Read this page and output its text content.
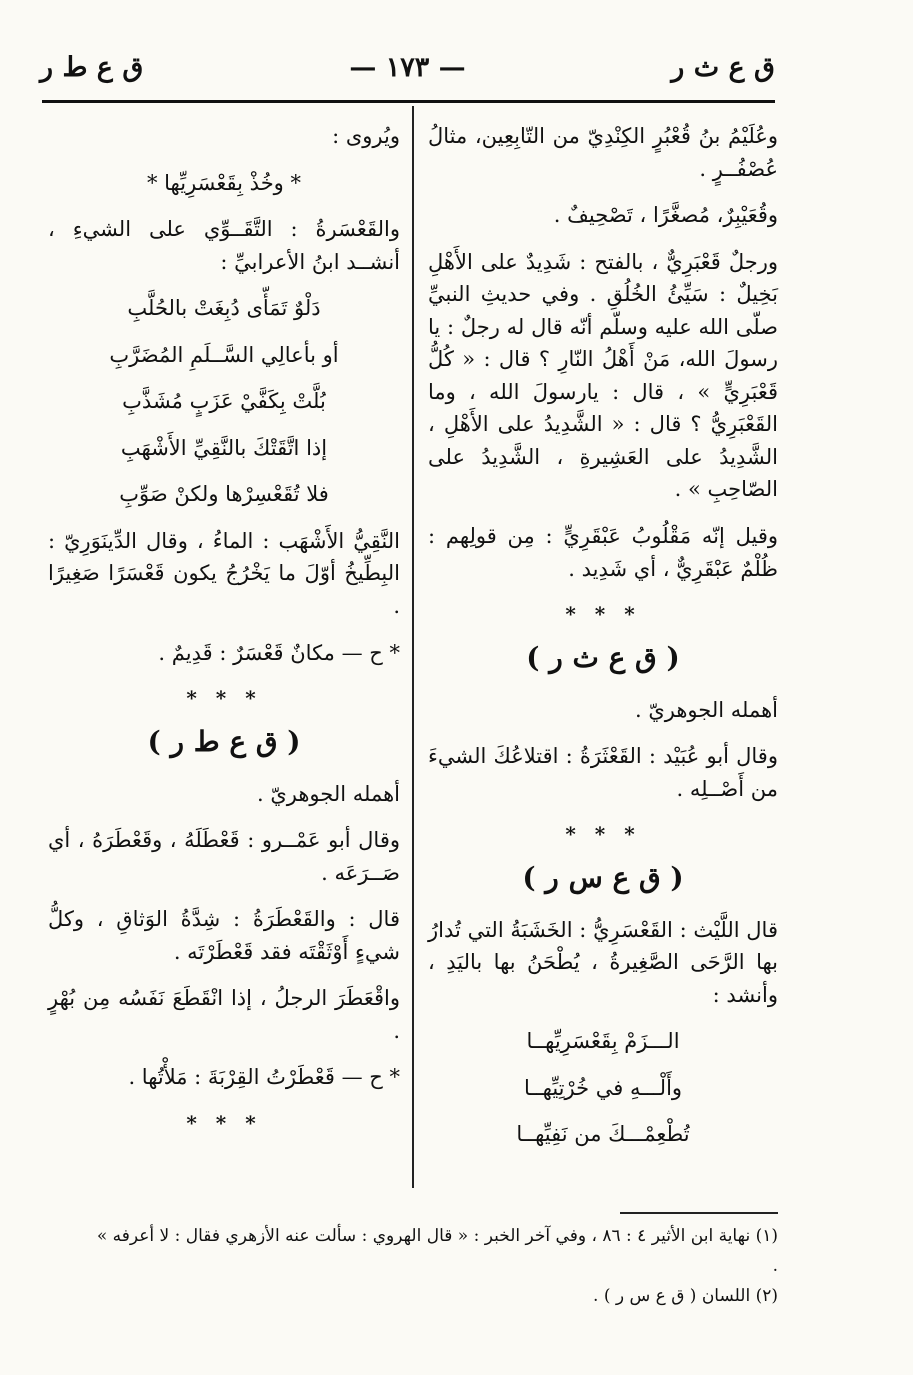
ق ع ث ر
— ١٧٣ —
ق ع ط ر

وعُلَيْمُ بنُ قُعْبُرٍ الكِنْدِيّ من التّابِعِين، مثالُ عُصْفُــرٍ .

وقُعَيْبِرٌ، مُصغَّرًا ، تَصْحِيفٌ .

ورجلٌ قَعْبَرِيٌّ ، بالفتح : شَدِيدٌ على الأَهْلِ بَخِيلٌ : سَيِّئُ الخُلُقِ . وفي حديثِ النبيِّ صلّى الله عليه وسلّم أنّه قال له رجلٌ : يا رسولَ الله، مَنْ أَهْلُ النّارِ ؟ قال : « كُلُّ قَعْبَرِيٍّ » ، قال : يارسولَ الله ، وما القَعْبَرِيُّ ؟ قال : « الشَّدِيدُ على الأَهْلِ ، الشَّدِيدُ على العَشِيرةِ ، الشَّدِيدُ على الصّاحِبِ » .

وقيل إنّه مَقْلُوبُ عَبْقَرِيٍّ : مِن قولِهم : ظُلْمٌ عَبْقَرِيٌّ ، أي شَدِيد .

* * *
( ق ع ث ر )

أهمله الجوهريّ .

وقال أبو عُبَيْد : القَعْثَرَةُ : اقتلاعُكَ الشيءَ من أَصْــلِه .

* * *
( ق ع س ر )

قال اللَّيْث : القَعْسَرِيُّ : الخَشَبَةُ التي تُدارُ بها الرَّحَى الصَّغِيرةُ ، يُطْحَنُ بها باليَدِ ، وأنشد :

الـــزَمْ بِقَعْسَرِيِّهــا

وأَلْـــهِ في خُرْتِيِّهــا

تُطْعِمْـــكَ من نَفِيِّهــا

ويُروى :

* وخُذْ بِقَعْسَرِيِّها *

والقَعْسَرةُ : التَّقَــوِّي على الشيءِ ، أنشــد ابنُ الأعرابيِّ :

دَلْوٌ تَمَأّى دُبِغَتْ بالحُلَّبِ

أو بأعالِي السَّــلَمِ المُضَرَّبِ

بُلَّتْ بِكَفَّيْ عَزَبٍ مُشَذَّبِ

إذا اتَّقَتْكَ بالنَّقِيِّ الأَشْهَبِ

فلا تُقَعْسِرْها ولكنْ صَوِّبِ

النَّقِيُّ الأَشْهَب : الماءُ ، وقال الدِّينَوَرِيّ : البِطِّيخُ أوّلَ ما يَخْرُجُ يكون قَعْسَرًا صَغِيرًا .

* ح — مكانٌ قَعْسَرٌ : قَدِيمٌ .

* * *
( ق ع ط ر )

أهمله الجوهريّ .

وقال أبو عَمْــرو : قَعْطَلَهُ ، وقَعْطَرَهُ ، أي صَــرَعَه .

قال : والقَعْطَرَةُ : شِدَّةُ الوَثاقِ ، وكلُّ شيءٍ أَوْثَقْتَه فقد قَعْطَرْتَه .

واقْعَطَرَ الرجلُ ، إذا انْقَطَعَ نَفَسُه مِن بُهْرٍ .

* ح — قَعْطَرْتُ القِرْبَةَ : مَلأْتُها .

* * *
(١) نهاية ابن الأثير ٤ : ٨٦ ، وفي آخر الخبر : « قال الهروي : سألت عنه الأزهري فقال : لا أعرفه » .
(٢) اللسان ( ق ع س ر ) .
